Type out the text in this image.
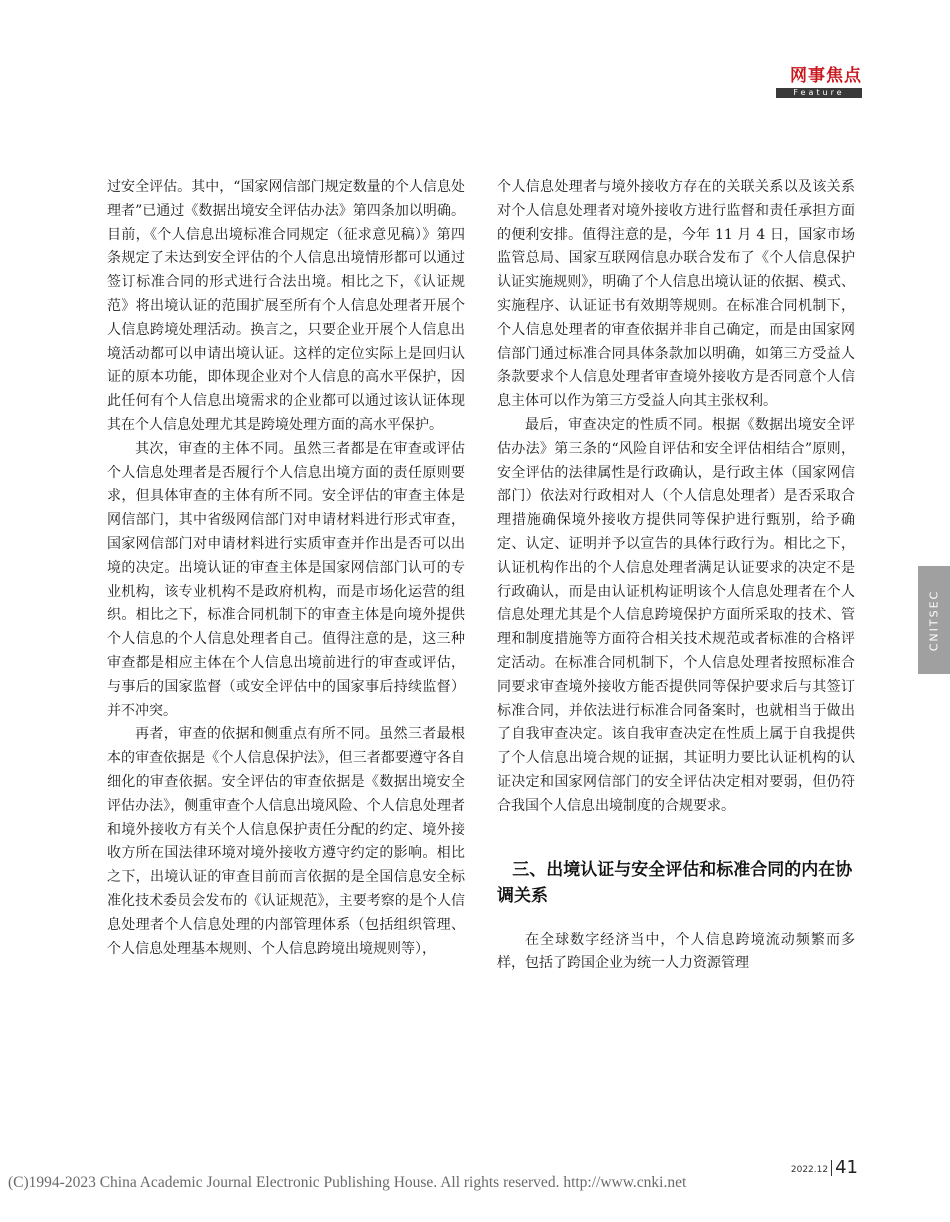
网事焦点
Feature

过安全评估。其中，“国家网信部门规定数量的个人信息处理者”已通过《数据出境安全评估办法》第四条加以明确。目前，《个人信息出境标准合同规定（征求意见稿）》第四条规定了未达到安全评估的个人信息出境情形都可以通过签订标准合同的形式进行合法出境。相比之下，《认证规范》将出境认证的范围扩展至所有个人信息处理者开展个人信息跨境处理活动。换言之，只要企业开展个人信息出境活动都可以申请出境认证。这样的定位实际上是回归认证的原本功能，即体现企业对个人信息的高水平保护，因此任何有个人信息出境需求的企业都可以通过该认证体现其在个人信息处理尤其是跨境处理方面的高水平保护。

其次，审查的主体不同。虽然三者都是在审查或评估个人信息处理者是否履行个人信息出境方面的责任原则要求，但具体审查的主体有所不同。安全评估的审查主体是网信部门，其中省级网信部门对申请材料进行形式审查，国家网信部门对申请材料进行实质审查并作出是否可以出境的决定。出境认证的审查主体是国家网信部门认可的专业机构，该专业机构不是政府机构，而是市场化运营的组织。相比之下，标准合同机制下的审查主体是向境外提供个人信息的个人信息处理者自己。值得注意的是，这三种审查都是相应主体在个人信息出境前进行的审查或评估，与事后的国家监督（或安全评估中的国家事后持续监督）并不冲突。

再者，审查的依据和侧重点有所不同。虽然三者最根本的审查依据是《个人信息保护法》，但三者都要遵守各自细化的审查依据。安全评估的审查依据是《数据出境安全评估办法》，侧重审查个人信息出境风险、个人信息处理者和境外接收方有关个人信息保护责任分配的约定、境外接收方所在国法律环境对境外接收方遵守约定的影响。相比之下，出境认证的审查目前而言依据的是全国信息安全标准化技术委员会发布的《认证规范》，主要考察的是个人信息处理者个人信息处理的内部管理体系（包括组织管理、个人信息处理基本规则、个人信息跨境出境规则等），

个人信息处理者与境外接收方存在的关联关系以及该关系对个人信息处理者对境外接收方进行监督和责任承担方面的便利安排。值得注意的是，今年 11 月 4 日，国家市场监管总局、国家互联网信息办联合发布了《个人信息保护认证实施规则》，明确了个人信息出境认证的依据、模式、实施程序、认证证书有效期等规则。在标准合同机制下，个人信息处理者的审查依据并非自己确定，而是由国家网信部门通过标准合同具体条款加以明确，如第三方受益人条款要求个人信息处理者审查境外接收方是否同意个人信息主体可以作为第三方受益人向其主张权利。

最后，审查决定的性质不同。根据《数据出境安全评估办法》第三条的“风险自评估和安全评估相结合”原则，安全评估的法律属性是行政确认，是行政主体（国家网信部门）依法对行政相对人（个人信息处理者）是否采取合理措施确保境外接收方提供同等保护进行甄别，给予确定、认定、证明并予以宣告的具体行政行为。相比之下，认证机构作出的个人信息处理者满足认证要求的决定不是行政确认，而是由认证机构证明该个人信息处理者在个人信息处理尤其是个人信息跨境保护方面所采取的技术、管理和制度措施等方面符合相关技术规范或者标准的合格评定活动。在标准合同机制下，个人信息处理者按照标准合同要求审查境外接收方能否提供同等保护要求后与其签订标准合同，并依法进行标准合同备案时，也就相当于做出了自我审查决定。该自我审查决定在性质上属于自我提供了个人信息出境合规的证据，其证明力要比认证机构的认证决定和国家网信部门的安全评估决定相对要弱，但仍符合我国个人信息出境制度的合规要求。

三、出境认证与安全评估和标准合同的内在协调关系

在全球数字经济当中，个人信息跨境流动频繁而多样，包括了跨国企业为统一人力资源管理

CNITSEC
2022.12 41
(C)1994-2023 China Academic Journal Electronic Publishing House. All rights reserved. http://www.cnki.net
